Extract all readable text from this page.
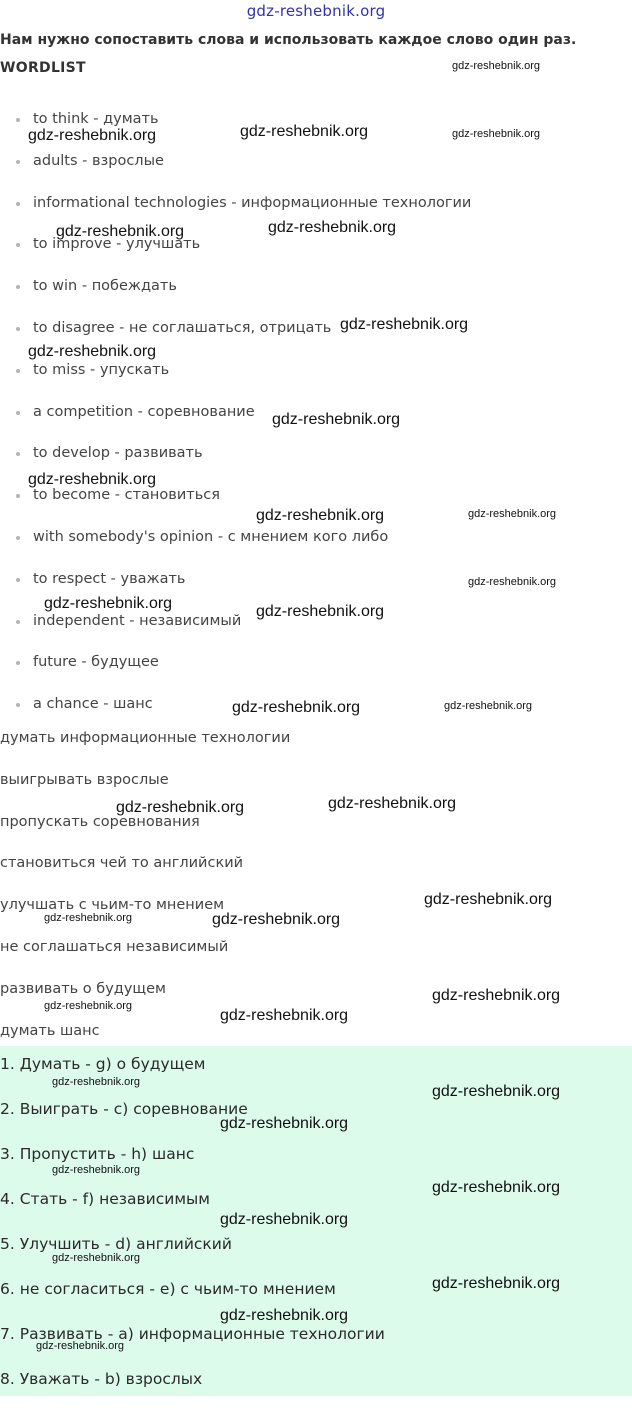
gdz-reshebnik.org
Нам нужно сопоставить слова и использовать каждое слово один раз.
WORDLIST
to think - думать
adults - взрослые
informational technologies - информационные технологии
to improve - улучшать
to win - побеждать
to disagree - не соглашаться, отрицать
to miss - упускать
a competition - соревнование
to develop - развивать
to become - становиться
with somebody's opinion - с мнением кого либо
to respect - уважать
independent - независимый
future - будущее
a chance - шанс
думать информационные технологии
выигрывать взрослые
пропускать соревнования
становиться чей то английский
улучшать с чьим-то мнением
не соглашаться независимый
развивать о будущем
думать шанс
1. Думать - g) о будущем
2. Выиграть - c) соревнование
3. Пропустить - h) шанс
4. Стать - f) независимым
5. Улучшить - d) английский
6. не согласиться - e) с чьим-то мнением
7. Развивать - a) информационные технологии
8. Уважать - b) взрослых
gdz-reshebnik.org
gdz-reshebnik.org	gdz-reshebnik.org	gdz-reshebnik.org
gdz-reshebnik.org	gdz-reshebnik.org
gdz-reshebnik.org
gdz-reshebnik.org
gdz-reshebnik.org
gdz-reshebnik.org
gdz-reshebnik.org	gdz-reshebnik.org
gdz-reshebnik.org
gdz-reshebnik.org	gdz-reshebnik.org
gdz-reshebnik.org	gdz-reshebnik.org
gdz-reshebnik.org	gdz-reshebnik.org
gdz-reshebnik.org
gdz-reshebnik.org	gdz-reshebnik.org
gdz-reshebnik.org
gdz-reshebnik.org
gdz-reshebnik.org
gdz-reshebnik.org
gdz-reshebnik.org
gdz-reshebnik.org
gdz-reshebnik.org
gdz-reshebnik.org
gdz-reshebnik.org
gdz-reshebnik.org
gdz-reshebnik.org
gdz-reshebnik.org
gdz-reshebnik.org
